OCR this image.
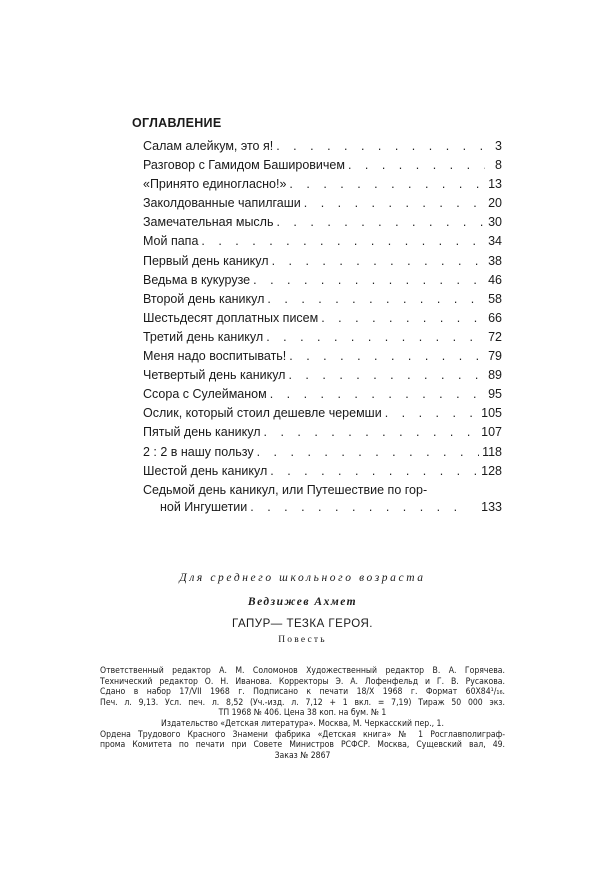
ОГЛАВЛЕНИЕ
Салам алейкум, это я! . . .	3
Разговор с Гамидом Башировичем . . .	8
«Принято единогласно!» . . .	13
Заколдованные чапилгаши . . .	20
Замечательная мысль . . .	30
Мой папа . . .	34
Первый день каникул . . .	38
Ведьма в кукурузе . . .	46
Второй день каникул . . .	58
Шестьдесят доплатных писем . . .	66
Третий день каникул . . .	72
Меня надо воспитывать! . . .	79
Четвертый день каникул . . .	89
Ссора с Сулейманом . . .	95
Ослик, который стоил дешевле черемши . . .	105
Пятый день каникул . . .	107
2 : 2 в нашу пользу . . .	118
Шестой день каникул . . .	128
Седьмой день каникул, или Путешествие по гор-
ной Ингушетии . . .	133

Для среднего школьного возраста

Ведзижев Ахмет

ГАПУР— ТЕЗКА ГЕРОЯ.

Повесть

Ответственный редактор А. М. Соломонов Художественный редактор В. А. Горячева.

Технический редактор О. Н. Иванова. Корректоры Э. А. Лофенфельд и Г. В. Русакова.

Сдано в набор 17/VII 1968 г. Подписано к печати 18/X 1968 г. Формат 60X84¹/₁₆.

Печ. л. 9,13. Усл. печ. л. 8,52 (Уч.-изд. л. 7,12 + 1 вкл. = 7,19) Тираж 50 000 экз.

ТП 1968 № 406. Цена 38 коп. на бум. № 1

Издательство «Детская литература». Москва, М. Черкасский пер., 1.

Ордена Трудового Красного Знамени фабрика «Детская книга» № 1 Росглавполиграф-

прома Комитета по печати при Совете Министров РСФСР. Москва, Сущевский вал, 49.

Заказ № 2867
